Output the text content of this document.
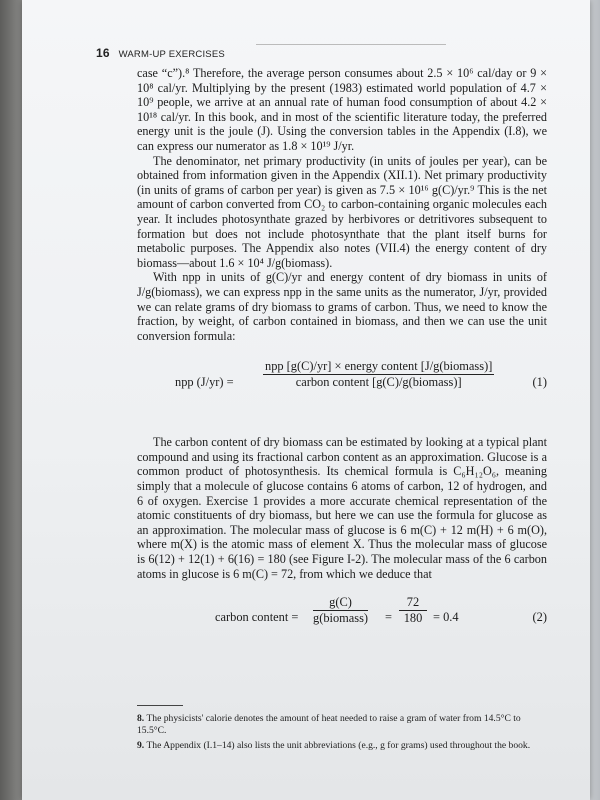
16 WARM-UP EXERCISES

case “c”).⁸ Therefore, the average person consumes about 2.5 × 10⁶ cal/day or 9 × 10⁸ cal/yr. Multiplying by the present (1983) estimated world population of 4.7 × 10⁹ people, we arrive at an annual rate of human food consumption of about 4.2 × 10¹⁸ cal/yr. In this book, and in most of the scientific literature today, the preferred energy unit is the joule (J). Using the conversion tables in the Appendix (I.8), we can express our numerator as 1.8 × 10¹⁹ J/yr.

The denominator, net primary productivity (in units of joules per year), can be obtained from information given in the Appendix (XII.1). Net primary productivity (in units of grams of carbon per year) is given as 7.5 × 10¹⁶ g(C)/yr.⁹ This is the net amount of carbon converted from CO₂ to carbon-containing organic molecules each year. It includes photosynthate grazed by herbivores or detritivores subsequent to formation but does not include photosynthate that the plant itself burns for metabolic purposes. The Appendix also notes (VII.4) the energy content of dry biomass—about 1.6 × 10⁴ J/g(biomass).

With npp in units of g(C)/yr and energy content of dry biomass in units of J/g(biomass), we can express npp in the same units as the numerator, J/yr, provided we can relate grams of dry biomass to grams of carbon. Thus, we need to know the fraction, by weight, of carbon contained in biomass, and then we can use the unit conversion formula:

npp (J/yr) =
npp [g(C)/yr] × energy content [J/g(biomass)]
carbon content [g(C)/g(biomass)]	(1)

The carbon content of dry biomass can be estimated by looking at a typical plant compound and using its fractional carbon content as an approximation. Glucose is a common product of photosynthesis. Its chemical formula is C₆H₁₂O₆, meaning simply that a molecule of glucose contains 6 atoms of carbon, 12 of hydrogen, and 6 of oxygen. Exercise 1 provides a more accurate chemical representation of the atomic constituents of dry biomass, but here we can use the formula for glucose as an approximation. The molecular mass of glucose is 6 m(C) + 12 m(H) + 6 m(O), where m(X) is the atomic mass of element X. Thus the molecular mass of glucose is 6(12) + 12(1) + 6(16) = 180 (see Figure I-2). The molecular mass of the 6 carbon atoms in glucose is 6 m(C) = 72, from which we deduce that

carbon content =
g(C)
g(biomass) = $\frac{72}{180} = 0.4$	(2)
8. The physicists' calorie denotes the amount of heat needed to raise a gram of water from 14.5°C to 15.5°C.
9. The Appendix (I.1–14) also lists the unit abbreviations (e.g., g for grams) used throughout the book.
